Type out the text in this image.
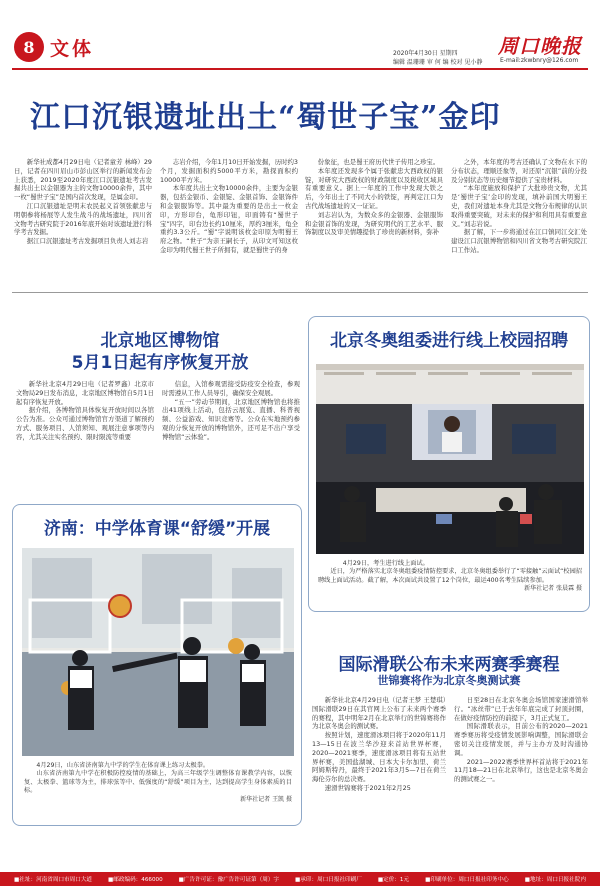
8 文体	周口晚报
2020年4月30日 星期四
编辑 温珊珊 审 何 编 校对 见小静	E-mail:zkwbnry@126.com
江口沉银遗址出土“蜀世子宝”金印

新华社成都4月29日电（记者童芳 林峰）29日，记者在四川眉山市彭山区举行的新闻发布会上获悉，2019至2020年度江口沉银遗址考古发掘共出土以金银器为主的文物10000余件，其中一枚“蜀世子宝”是国内首次发现，是属金印。

江口沉银遗址是明末农民起义首领张献忠与明朝参将杨展等人发生战斗的战场遗址，四川省文物考古研究院于2016年底开始对该遗址进行科学考古发掘。

据江口沉银遗址考古发掘项目负责人刘志岩

志岩介绍，今年1月10日开始发掘，历时约3个月，发掘面积约5000平方米，勘探面积约10000平方米。

本年度共出土文物10000余件，主要为金银器，包括金银币、金银锭、金银首饰、金银饰件和金银服饰等。其中最为重要的是出土一枚金印，方形印台，龟形印钮，印面铸有“蜀世子宝”四字，印台边长约10厘米，厚约3厘米，龟全重约3.3公斤。“蜀”字说明该枚金印原为明蜀王府之物。“世子”为亲王嗣长子，从印文可知这枚金印为明代蜀王世子所拥有，就是蜀世子的身

份象征，也是蜀王府历代世子传用之珍宝。

本年度还发现多个属于张献忠大西政权的银锭，对研究大西政权的财政制度以及税收区域具有重要意义。据上一年度的工作中发现大铁之后，今年出土了不同大小的铁锭，再判定江口为古代战场遗址的又一证证。

刘志岩认为，为数众多的金银器、金银服饰和金银首饰的发现，为研究明代的工艺水平、服饰制度以及审美情趣提供了珍贵的新材料，弥补

之外，本年度的考古还确认了文物在水下的分布状态，理顺还象等，对还原“沉银”前的分投及分别状态等历史细节提供了宝贵材料。

“本年度施放和保护了大批珍贵文物，尤其是‘蜀世子宝’金印的发现，填补前国大明蜀王史，我们对遗址本身尤其是文物分布规律的认识取得重要突破，对未来的保护和利用具有重要意义。”刘志岩说。

据了解，下一步将通过在江口镇同江交汇处建设江口沉银博物馆和四川省文物考古研究院江口工作站。

北京地区博物馆
5月1日起有序恢复开放

新华社北京4月29日电（记者罗鑫）北京市文物局29日发布消息，北京地区博物馆自5月1日起有序恢复开放。

据介绍，各博物馆具体恢复开放时间以各馆公告为准。公众可通过博物馆官方渠道了解预约方式、服务项目、人馆须知、观展注意事项等内容，尤其关注实名预约、限时限流等重要

信息，入馆参观需接受防疫安全检查，参观时需遵从工作人员导引，确保安全观展。

“五一”劳动节期间，北京地区博物馆也将推出41项线上活动，包括云展览、直播、科普视频、公益游戏、知识竞赛等。公众在实地预约参观的分恢复开放的博物馆外，还可足不出户享受博物馆“云体验”。

北京冬奥组委进行线上校园招聘

4月29日，考生进行线上面试。

近日，为严格落实北京冬奥组委疫情防控要求，北京冬奥组委举行了“零接触”云面试“校园招聘线上面试活动。截了解，本次面试共设置了12个岗位，最运400名考生陆续参加。

新华社记者 张晨霖 摄
济南：中学体育课“舒缓”开展

4月29日，山东省济南第九中学的学生在体育课上练习太极拳。

山东省济南第九中学在积极防控疫情的基础上，为高三年级学生调整体育课教学内容，以恢复、太极拳、篮球等为主，排球弦等中、低强度的“舒缓”项目为主，达到提高学生身体素质的目标。

新华社记者 王凯 摄
国际滑联公布未来两赛季赛程
世锦赛将作为北京冬奥测试赛

新华社北京4月29日电（记者王梦 王楚琪）国际滑联29日在其官网上公布了未来两个赛季的赛程，其中明年2月在北京举行的世锦赛将作为北京冬奥会的测试赛。

按照计划，速度滑冰项目将于2020年11月13—15日在波兰华沙迎来首站世界杯赛，2020—2021赛季，速度滑冰项目将有五站世界杯赛，美国盐湖城、日本大卡尔加里、荷兰阿姆斯特丹，最终于2021年3月5—7日在荷兰海伦芬尔的总决赛。

速滑世锦赛将于2021年2月25

日至28日在北京冬奥会场馆国家速滑馆举行。“冰丝带”已于去年年底完成了封顶封圈，在做好疫情防控的前提下，3月正式复工。

国际滑联表示，目前公布的2020—2021赛季赛历将受疫情发展影响调整，国际滑联会密切关注疫情发展，并与主办方及时沟通协调。

2021—2022赛季世界杯首站将于2021年11月18—21日在北京举行，这也是北京冬奥会的测试赛之一。

■社址：河南省周口市周口大道	■邮政编码：466000	■广告许可证：豫广告许可证第（周）字	■承印：周口日报社印刷厂	■定价：1元	■印刷单位：周口日报社印务中心	■地址：周口日报社院内
